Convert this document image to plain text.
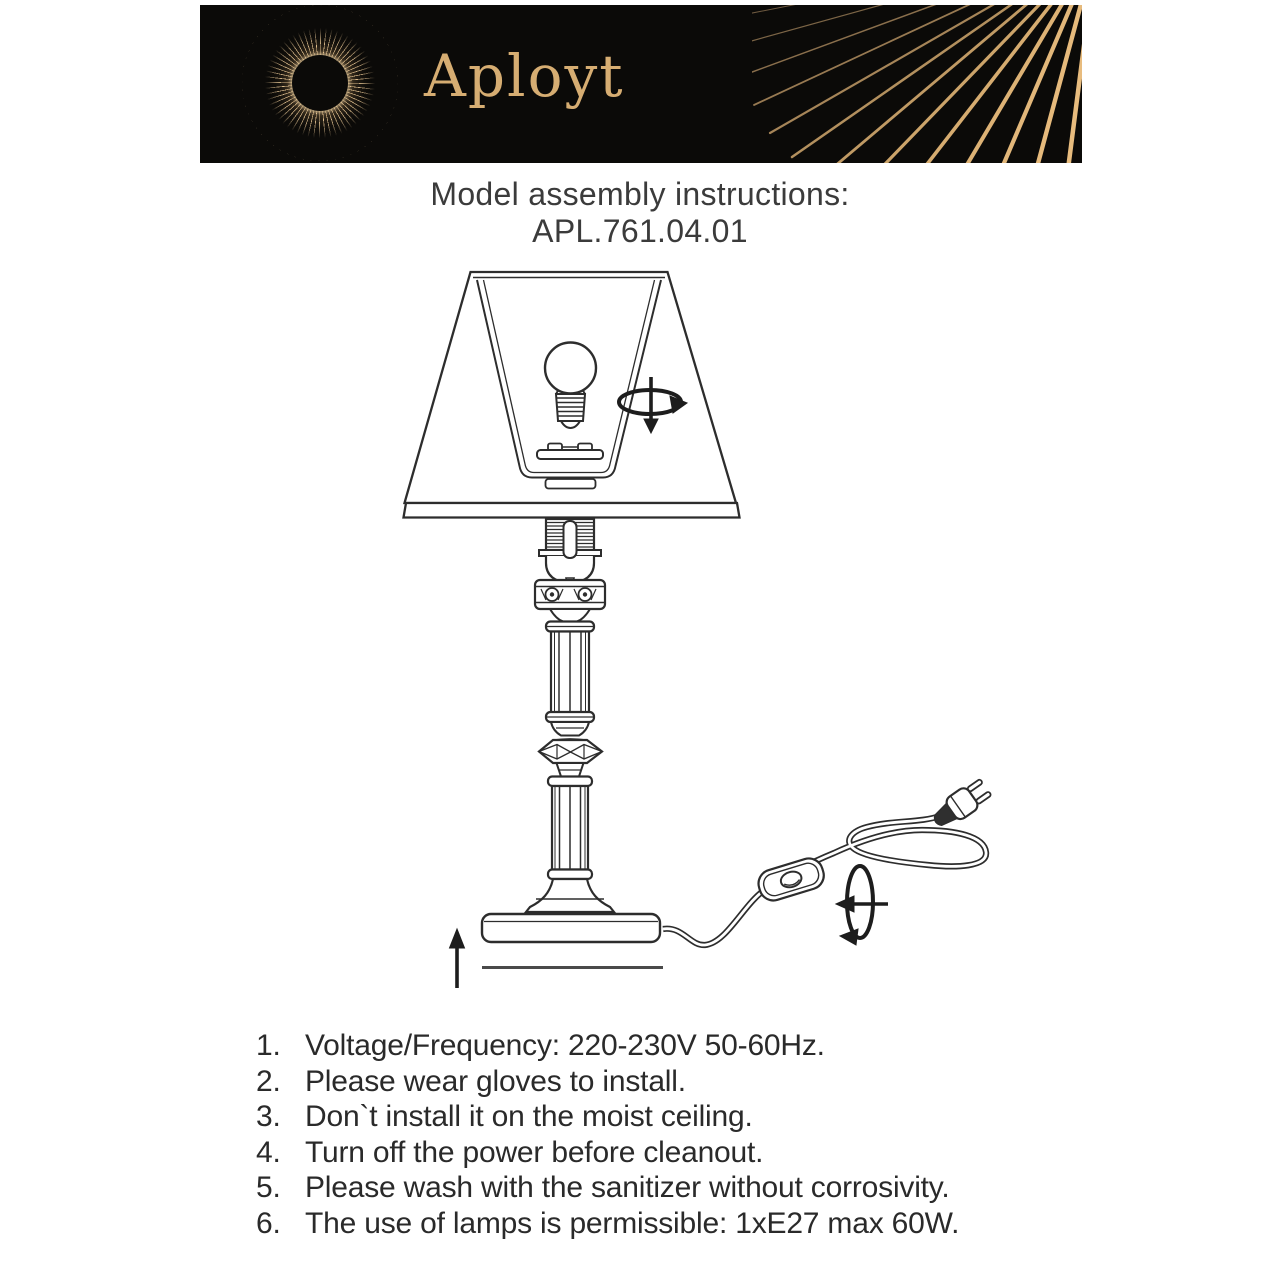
Aployt
Model assembly instructions:
APL.761.04.01
1. Voltage/Frequency: 220-230V 50-60Hz.
2. Please wear gloves to install.
3. Don`t install it on the moist ceiling.
4. Turn off the power before cleanout.
5. Please wash with the sanitizer without corrosivity.
6. The use of lamps is permissible: 1xE27 max 60W.
